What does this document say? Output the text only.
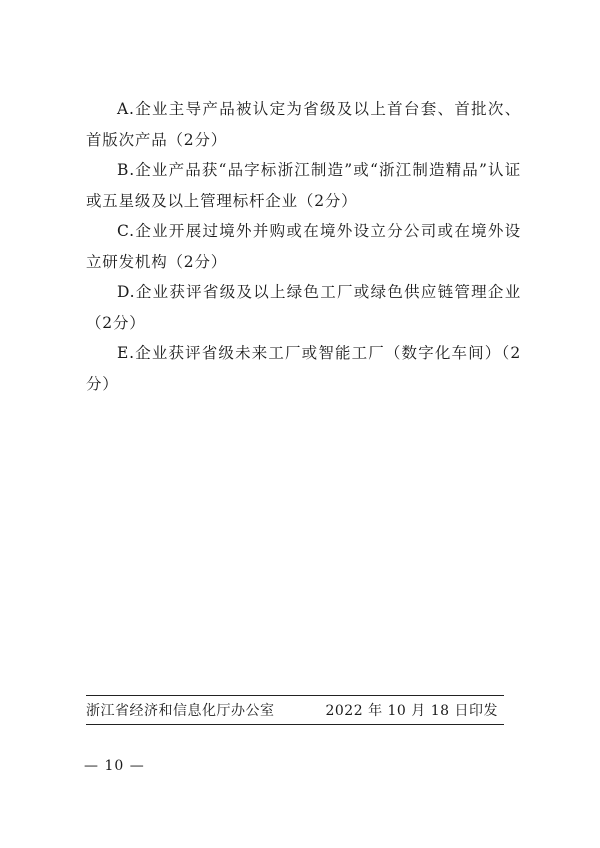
A.企业主导产品被认定为省级及以上首台套、首批次、首版次产品（2分）

B.企业产品获“品字标浙江制造”或“浙江制造精品”认证或五星级及以上管理标杆企业（2分）

C.企业开展过境外并购或在境外设立分公司或在境外设立研发机构（2分）

D.企业获评省级及以上绿色工厂或绿色供应链管理企业（2分）

E.企业获评省级未来工厂或智能工厂（数字化车间）（2分）

浙江省经济和信息化厅办公室	2022 年 10 月 18 日印发
— 10 —
